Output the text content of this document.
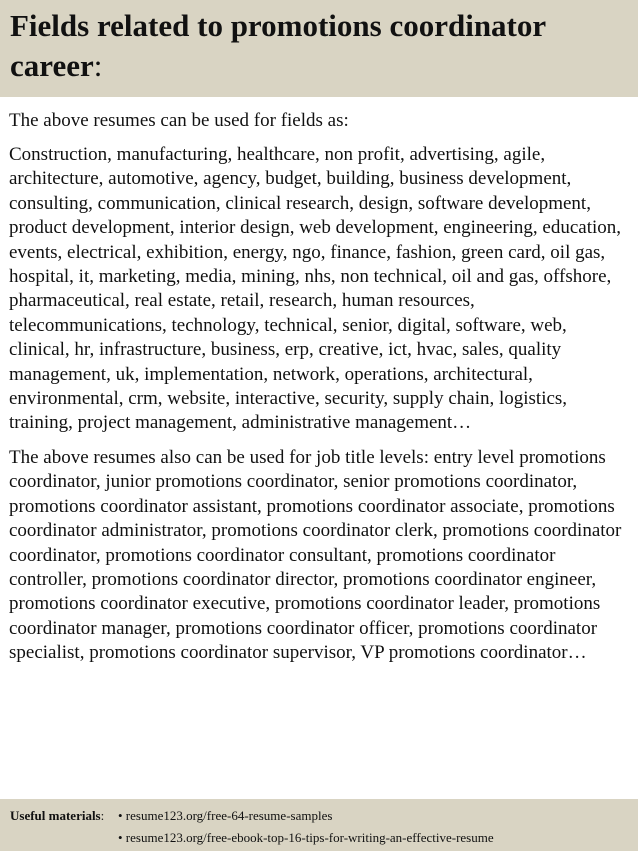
Fields related to promotions coordinator career:

The above resumes can be used for fields as:

Construction, manufacturing, healthcare, non profit, advertising, agile, architecture, automotive, agency, budget, building, business development, consulting, communication, clinical research, design, software development, product development, interior design, web development, engineering, education, events, electrical, exhibition, energy, ngo, finance, fashion, green card, oil gas, hospital, it, marketing, media, mining, nhs, non technical, oil and gas, offshore, pharmaceutical, real estate, retail, research, human resources, telecommunications, technology, technical, senior, digital, software, web, clinical, hr, infrastructure, business, erp, creative, ict, hvac, sales, quality management, uk, implementation, network, operations, architectural, environmental, crm, website, interactive, security, supply chain, logistics, training, project management, administrative management…

The above resumes also can be used for job title levels: entry level promotions coordinator, junior promotions coordinator, senior promotions coordinator, promotions coordinator assistant, promotions coordinator associate, promotions coordinator administrator, promotions coordinator clerk, promotions coordinator coordinator, promotions coordinator consultant, promotions coordinator controller, promotions coordinator director, promotions coordinator engineer, promotions coordinator executive, promotions coordinator leader, promotions coordinator manager, promotions coordinator officer, promotions coordinator specialist, promotions coordinator supervisor, VP promotions coordinator…

Useful materials:	• resume123.org/free-64-resume-samples
• resume123.org/free-ebook-top-16-tips-for-writing-an-effective-resume
